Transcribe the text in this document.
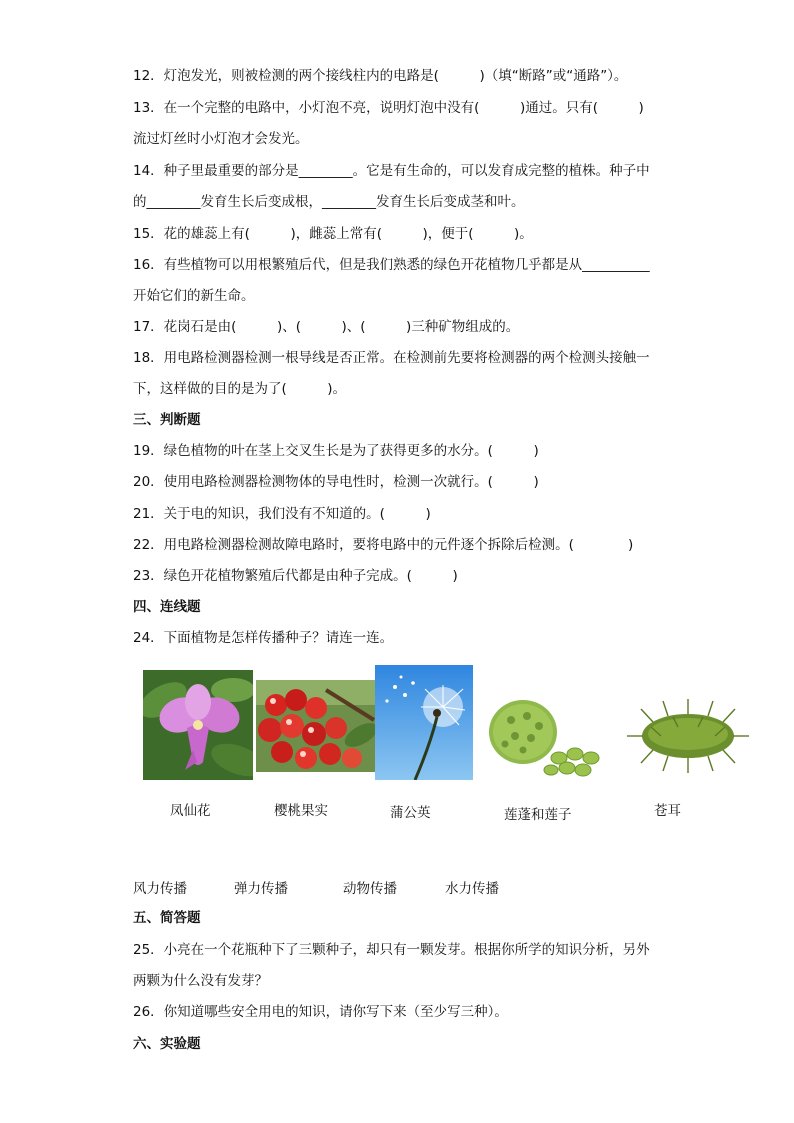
12．灯泡发光，则被检测的两个接线柱内的电路是(　　　)（填“断路”或“通路”）。
13．在一个完整的电路中，小灯泡不亮，说明灯泡中没有(　　　)通过。只有(　　　)
流过灯丝时小灯泡才会发光。
14．种子里最重要的部分是________。它是有生命的，可以发育成完整的植株。种子中
的________发育生长后变成根，________发育生长后变成茎和叶。
15．花的雄蕊上有(　　　)，雌蕊上常有(　　　)，便于(　　　)。
16．有些植物可以用根繁殖后代，但是我们熟悉的绿色开花植物几乎都是从__________
开始它们的新生命。
17．花岗石是由(　　　)、(　　　)、(　　　)三种矿物组成的。
18．用电路检测器检测一根导线是否正常。在检测前先要将检测器的两个检测头接触一
下，这样做的目的是为了(　　　)。
三、判断题
19．绿色植物的叶在茎上交叉生长是为了获得更多的水分。(　　　)
20．使用电路检测器检测物体的导电性时，检测一次就行。(　　　)
21．关于电的知识，我们没有不知道的。(　　　)
22．用电路检测器检测故障电路时，要将电路中的元件逐个拆除后检测。(　　　　)
23．绿色开花植物繁殖后代都是由种子完成。(　　　)
四、连线题
24．下面植物是怎样传播种子？请连一连。
凤仙花	樱桃果实	蒲公英	莲蓬和莲子	苍耳
风力传播	弹力传播	动物传播	水力传播
五、简答题
25．小亮在一个花瓶种下了三颗种子，却只有一颗发芽。根据你所学的知识分析，另外
两颗为什么没有发芽？
26．你知道哪些安全用电的知识，请你写下来（至少写三种）。
六、实验题
